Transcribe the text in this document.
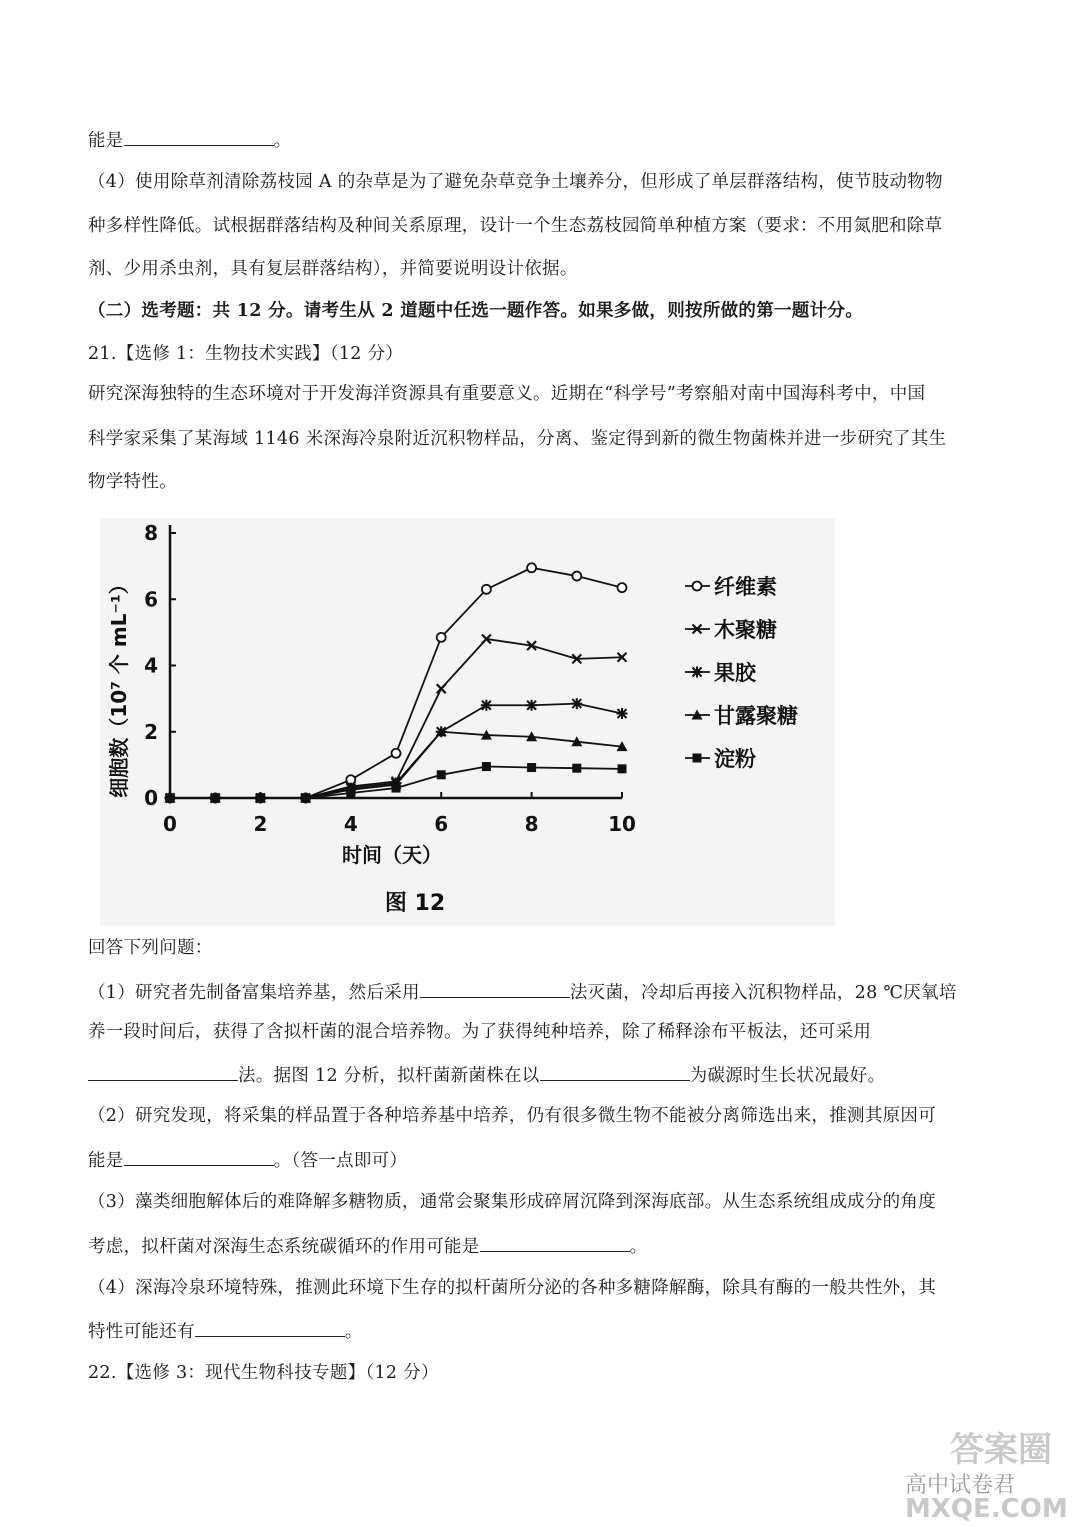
能是	。
（4）使用除草剂清除荔枝园 A 的杂草是为了避免杂草竞争土壤养分，但形成了单层群落结构，使节肢动物物
种多样性降低。试根据群落结构及种间关系原理，设计一个生态荔枝园简单种植方案（要求：不用氮肥和除草
剂、少用杀虫剂，具有复层群落结构），并简要说明设计依据。
（二）选考题：共 12 分。请考生从 2 道题中任选一题作答。如果多做，则按所做的第一题计分。
21.【选修 1：生物技术实践】（12 分）
研究深海独特的生态环境对于开发海洋资源具有重要意义。近期在“科学号”考察船对南中国海科考中，中国
科学家采集了某海域 1146 米深海冷泉附近沉积物样品，分离、鉴定得到新的微生物菌株并进一步研究了其生
物学特性。
0	2	4	6	8	10
0
2
4
6
8
纤维素
木聚糖
果胶
甘露聚糖
淀粉
细胞数（10⁷ 个 mL⁻¹）
时间（天）
图 12
回答下列问题：
（1）研究者先制备富集培养基，然后采用	法灭菌，冷却后再接入沉积物样品，28 ℃厌氧培
养一段时间后，获得了含拟杆菌的混合培养物。为了获得纯种培养，除了稀释涂布平板法，还可采用
法。据图 12 分析，拟杆菌新菌株在以	为碳源时生长状况最好。
（2）研究发现，将采集的样品置于各种培养基中培养，仍有很多微生物不能被分离筛选出来，推测其原因可
能是	。（答一点即可）
（3）藻类细胞解体后的难降解多糖物质，通常会聚集形成碎屑沉降到深海底部。从生态系统组成成分的角度
考虑，拟杆菌对深海生态系统碳循环的作用可能是	。
（4）深海冷泉环境特殊，推测此环境下生存的拟杆菌所分泌的各种多糖降解酶，除具有酶的一般共性外，其
特性可能还有	。
22.【选修 3：现代生物科技专题】（12 分）
答案圈
高中试卷君
MXQE.COM
